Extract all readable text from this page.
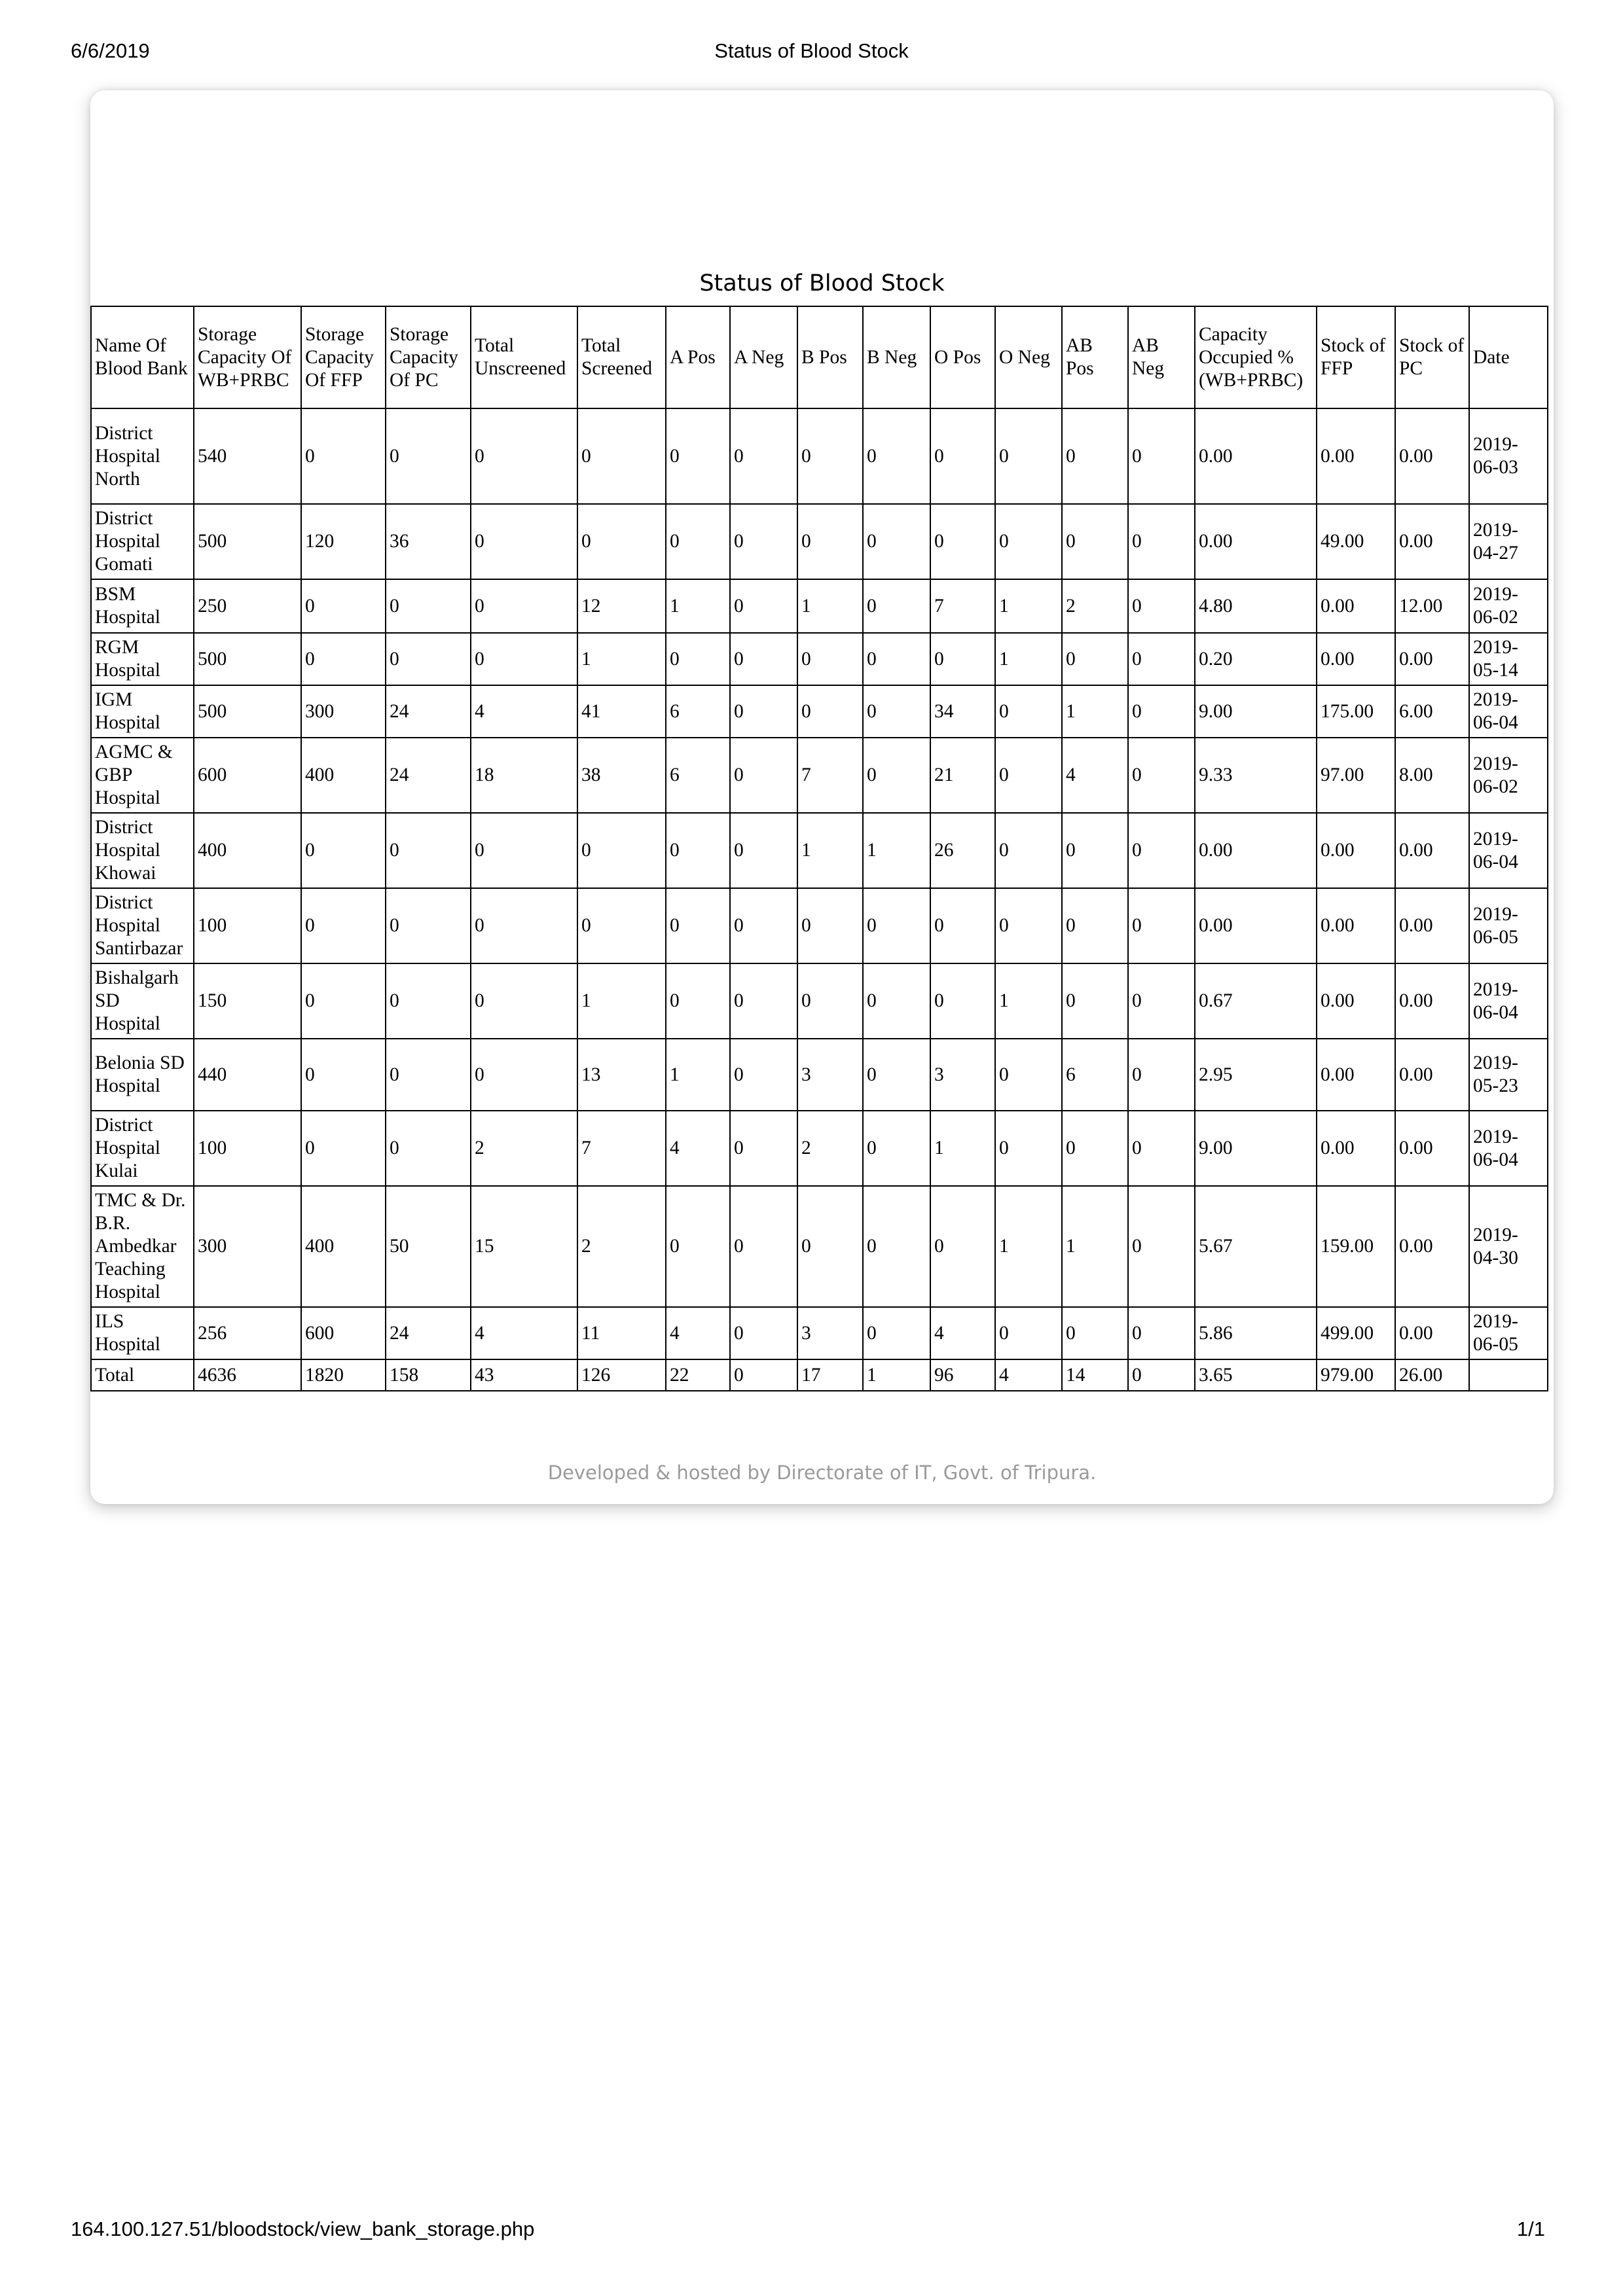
6/6/2019	Status of Blood Stock
Status of Blood Stock
Name Of Blood Bank	Storage Capacity Of WB+PRBC	Storage Capacity Of FFP	Storage Capacity Of PC	Total Unscreened	Total Screened	A Pos	A Neg	B Pos	B Neg	O Pos	O Neg	AB Pos	AB Neg	Capacity Occupied % (WB+PRBC)	Stock of FFP	Stock of PC	Date
District Hospital North	540	0	0	0	0	0	0	0	0	0	0	0	0	0.00	0.00	0.00	2019-06-03
District Hospital Gomati	500	120	36	0	0	0	0	0	0	0	0	0	0	0.00	49.00	0.00	2019-04-27
BSM Hospital	250	0	0	0	12	1	0	1	0	7	1	2	0	4.80	0.00	12.00	2019-06-02
RGM Hospital	500	0	0	0	1	0	0	0	0	0	1	0	0	0.20	0.00	0.00	2019-05-14
IGM Hospital	500	300	24	4	41	6	0	0	0	34	0	1	0	9.00	175.00	6.00	2019-06-04
AGMC & GBP Hospital	600	400	24	18	38	6	0	7	0	21	0	4	0	9.33	97.00	8.00	2019-06-02
District Hospital Khowai	400	0	0	0	0	0	0	1	1	26	0	0	0	0.00	0.00	0.00	2019-06-04
District Hospital Santirbazar	100	0	0	0	0	0	0	0	0	0	0	0	0	0.00	0.00	0.00	2019-06-05
Bishalgarh SD Hospital	150	0	0	0	1	0	0	0	0	0	1	0	0	0.67	0.00	0.00	2019-06-04
Belonia SD Hospital	440	0	0	0	13	1	0	3	0	3	0	6	0	2.95	0.00	0.00	2019-05-23
District Hospital Kulai	100	0	0	2	7	4	0	2	0	1	0	0	0	9.00	0.00	0.00	2019-06-04
TMC & Dr. B.R. Ambedkar Teaching Hospital	300	400	50	15	2	0	0	0	0	0	1	1	0	5.67	159.00	0.00	2019-04-30
ILS Hospital	256	600	24	4	11	4	0	3	0	4	0	0	0	5.86	499.00	0.00	2019-06-05
Total	4636	1820	158	43	126	22	0	17	1	96	4	14	0	3.65	979.00	26.00	
Developed & hosted by Directorate of IT, Govt. of Tripura.
164.100.127.51/bloodstock/view_bank_storage.php	1/1
